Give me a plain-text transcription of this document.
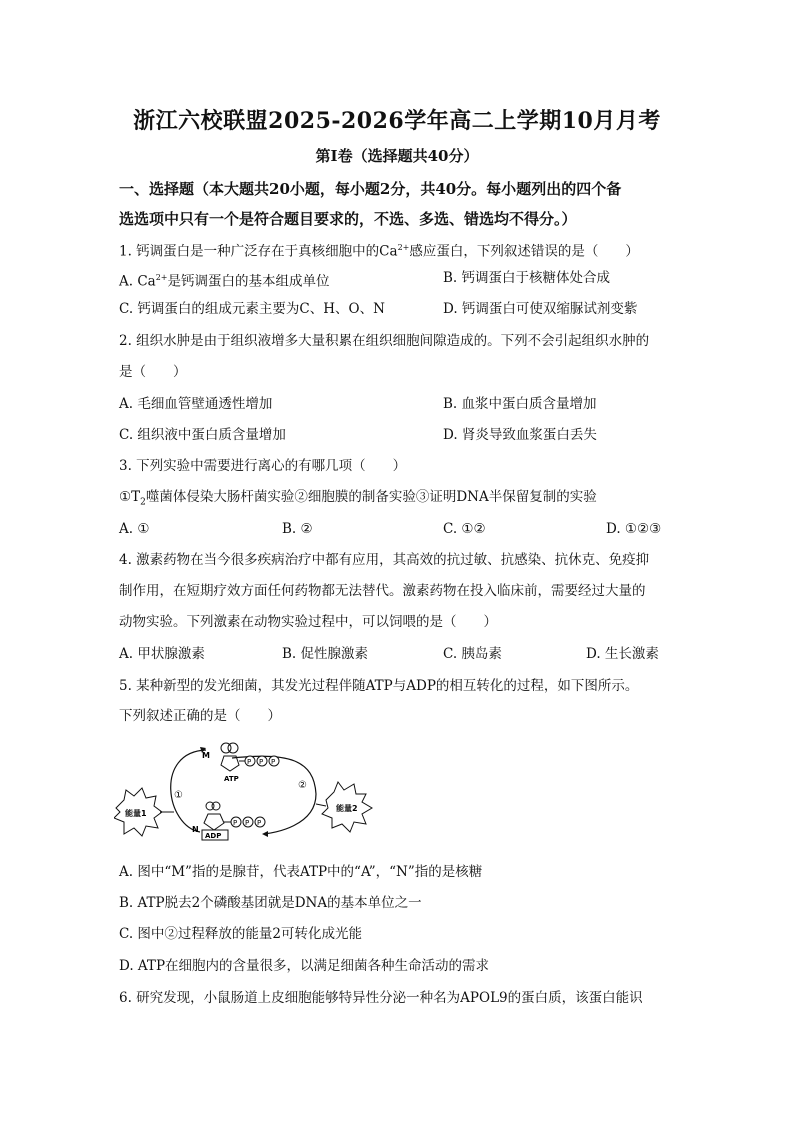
浙江六校联盟2025-2026学年高二上学期10月月考
第Ⅰ卷（选择题共40分）
一、选择题（本大题共20小题，每小题2分，共40分。每小题列出的四个备
选选项中只有一个是符合题目要求的，不选、多选、错选均不得分。）
1. 钙调蛋白是一种广泛存在于真核细胞中的$Ca^{2+}$感应蛋白，下列叙述错误的是（　　）
A. $Ca^{2+}$是钙调蛋白的基本组成单位	B. 钙调蛋白于核糖体处合成
C. 钙调蛋白的组成元素主要为C、H、O、N	D. 钙调蛋白可使双缩脲试剂变紫
2. 组织水肿是由于组织液增多大量积累在组织细胞间隙造成的。下列不会引起组织水肿的
是（　　）
A. 毛细血管壁通透性增加	B. 血浆中蛋白质含量增加
C. 组织液中蛋白质含量增加	D. 肾炎导致血浆蛋白丢失
3. 下列实验中需要进行离心的有哪几项（　　）
$①T_2$噬菌体侵染大肠杆菌实验②细胞膜的制备实验③证明DNA半保留复制的实验
A. ①	B. ②	C. ①②	D. ①②③
4. 激素药物在当今很多疾病治疗中都有应用，其高效的抗过敏、抗感染、抗休克、免疫抑
制作用，在短期疗效方面任何药物都无法替代。激素药物在投入临床前，需要经过大量的
动物实验。下列激素在动物实验过程中，可以饲喂的是（　　）
A. 甲状腺激素	B. 促性腺激素	C. 胰岛素	D. 生长激素
5. 某种新型的发光细菌，其发光过程伴随ATP与ADP的相互转化的过程，如下图所示。
下列叙述正确的是（　　）
M
ATP
P P P
①
②
能量1
能量2
N
ADP
P P P
A. 图中“M”指的是腺苷，代表ATP中的“A”，“N”指的是核糖
B. ATP脱去2个磷酸基团就是DNA的基本单位之一
C. 图中②过程释放的能量2可转化成光能
D. ATP在细胞内的含量很多，以满足细菌各种生命活动的需求
6. 研究发现，小鼠肠道上皮细胞能够特异性分泌一种名为APOL9的蛋白质，该蛋白能识
